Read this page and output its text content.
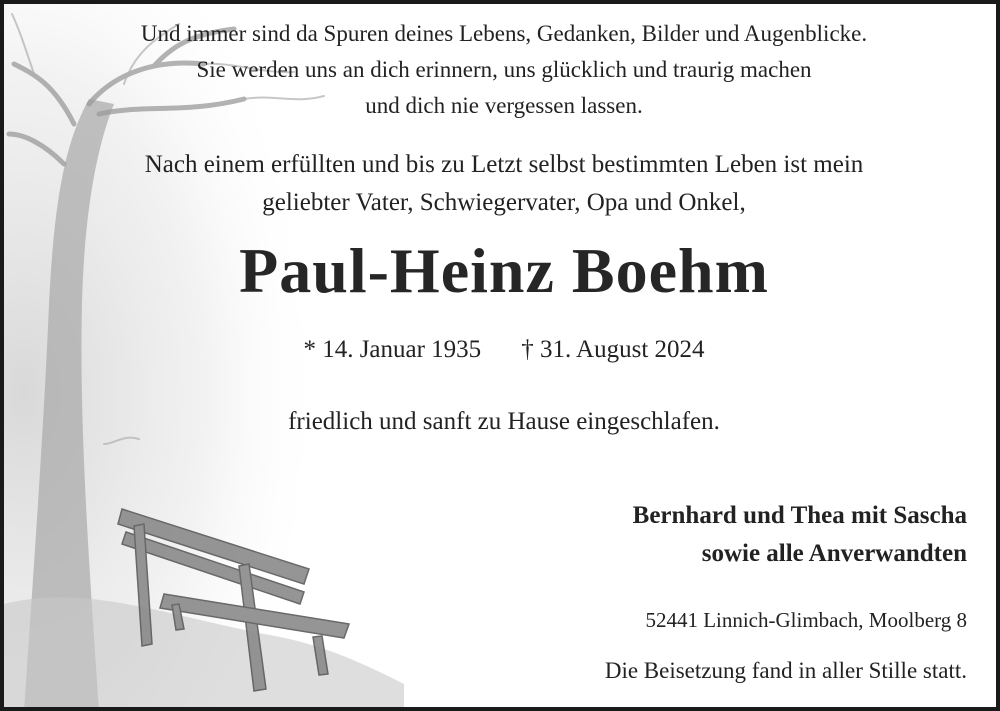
Und immer sind da Spuren deines Lebens, Gedanken, Bilder und Augenblicke.
Sie werden uns an dich erinnern, uns glücklich und traurig machen
und dich nie vergessen lassen.
Nach einem erfüllten und bis zu Letzt selbst bestimmten Leben ist mein
geliebter Vater, Schwiegervater, Opa und Onkel,
Paul-Heinz Boehm
* 14. Januar 1935 † 31. August 2024
friedlich und sanft zu Hause eingeschlafen.
Bernhard und Thea mit Sascha
sowie alle Anverwandten
52441 Linnich-Glimbach, Moolberg 8
Die Beisetzung fand in aller Stille statt.
